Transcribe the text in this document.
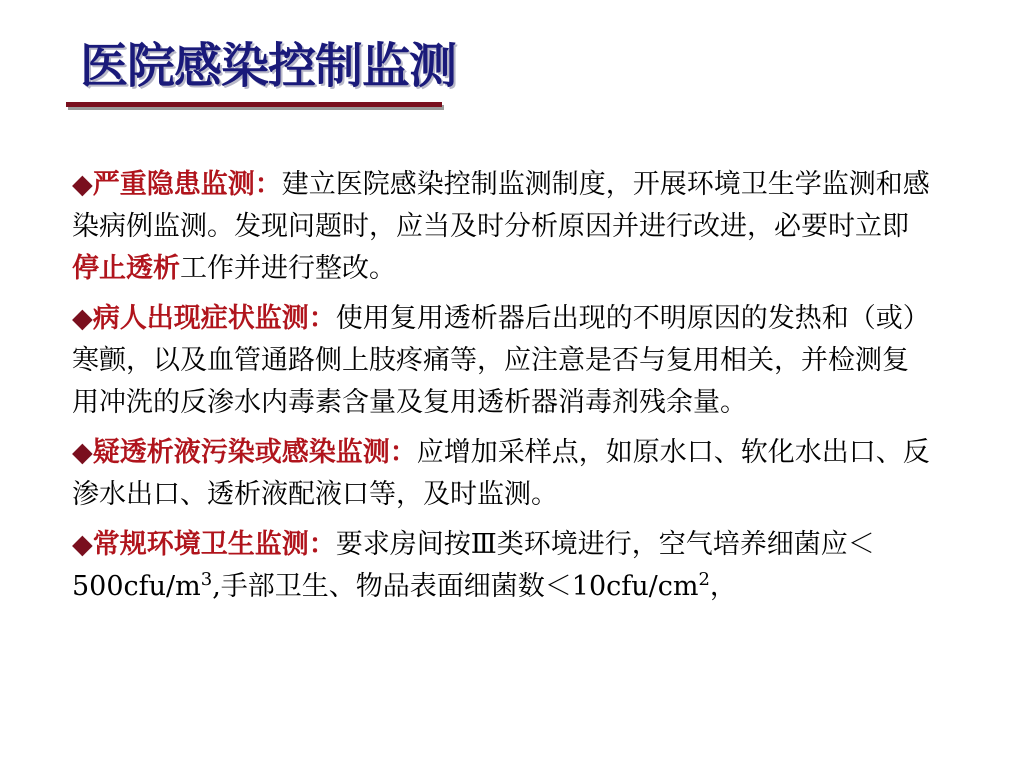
医院感染控制监测

◆严重隐患监测：建立医院感染控制监测制度，开展环境卫生学监测和感染病例监测。发现问题时，应当及时分析原因并进行改进，必要时立即停止透析工作并进行整改。

◆病人出现症状监测：使用复用透析器后出现的不明原因的发热和（或）寒颤，以及血管通路侧上肢疼痛等，应注意是否与复用相关，并检测复用冲洗的反渗水内毒素含量及复用透析器消毒剂残余量。

◆疑透析液污染或感染监测：应增加采样点，如原水口、软化水出口、反渗水出口、透析液配液口等，及时监测。

◆常规环境卫生监测：要求房间按Ⅲ类环境进行，空气培养细菌应$<500cfu/m^3$,手部卫生、物品表面细菌数$<10cfu/cm^2$，
